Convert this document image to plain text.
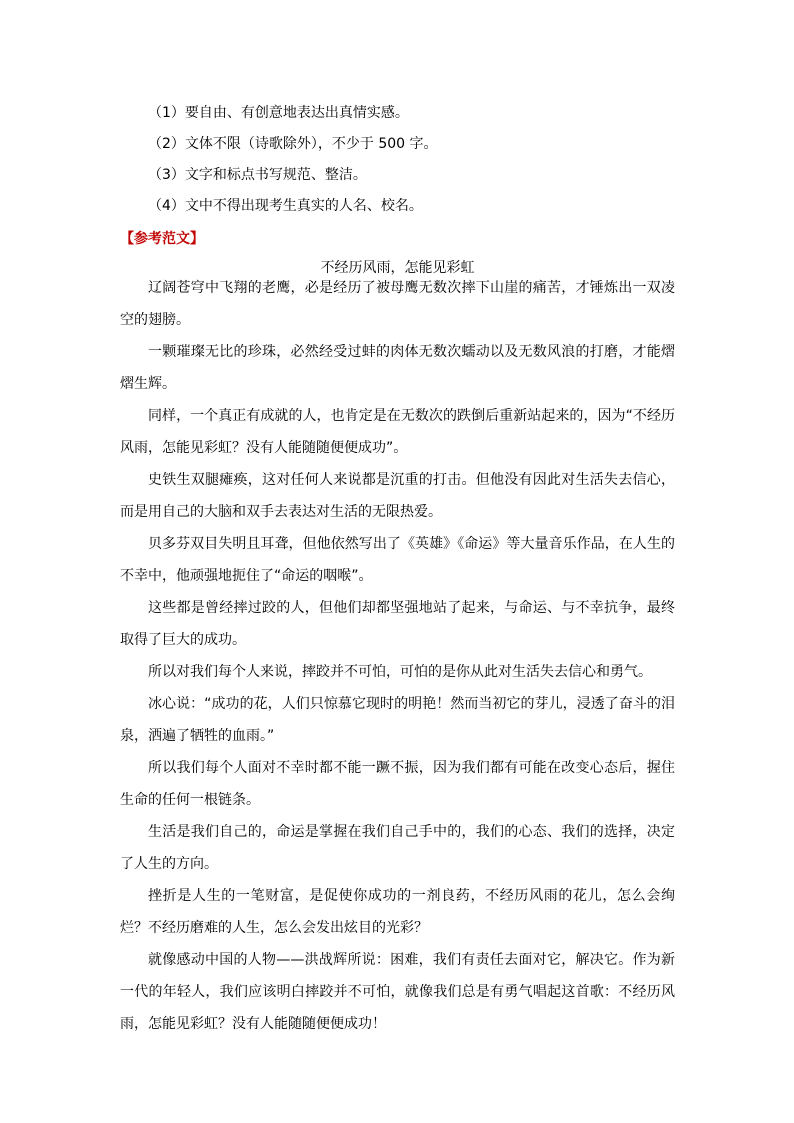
（1）要自由、有创意地表达出真情实感。
（2）文体不限（诗歌除外），不少于 500 字。
（3）文字和标点书写规范、整洁。
（4）文中不得出现考生真实的人名、校名。
【参考范文】
不经历风雨，怎能见彩虹

辽阔苍穹中飞翔的老鹰，必是经历了被母鹰无数次摔下山崖的痛苦，才锤炼出一双凌空的翅膀。

一颗璀璨无比的珍珠，必然经受过蚌的肉体无数次蠕动以及无数风浪的打磨，才能熠熠生辉。

同样，一个真正有成就的人，也肯定是在无数次的跌倒后重新站起来的，因为“不经历风雨，怎能见彩虹？没有人能随随便便成功”。

史铁生双腿瘫痪，这对任何人来说都是沉重的打击。但他没有因此对生活失去信心，而是用自己的大脑和双手去表达对生活的无限热爱。

贝多芬双目失明且耳聋，但他依然写出了《英雄》《命运》等大量音乐作品，在人生的不幸中，他顽强地扼住了“命运的咽喉”。

这些都是曾经摔过跤的人，但他们却都坚强地站了起来，与命运、与不幸抗争，最终取得了巨大的成功。

所以对我们每个人来说，摔跤并不可怕，可怕的是你从此对生活失去信心和勇气。

冰心说：“成功的花，人们只惊慕它现时的明艳！然而当初它的芽儿，浸透了奋斗的泪泉，洒遍了牺牲的血雨。”

所以我们每个人面对不幸时都不能一蹶不振，因为我们都有可能在改变心态后，握住生命的任何一根链条。

生活是我们自己的，命运是掌握在我们自己手中的，我们的心态、我们的选择，决定了人生的方向。

挫折是人生的一笔财富，是促使你成功的一剂良药，不经历风雨的花儿，怎么会绚烂？不经历磨难的人生，怎么会发出炫目的光彩？

就像感动中国的人物——洪战辉所说：困难，我们有责任去面对它，解决它。作为新一代的年轻人，我们应该明白摔跤并不可怕，就像我们总是有勇气唱起这首歌：不经历风雨，怎能见彩虹？没有人能随随便便成功！
